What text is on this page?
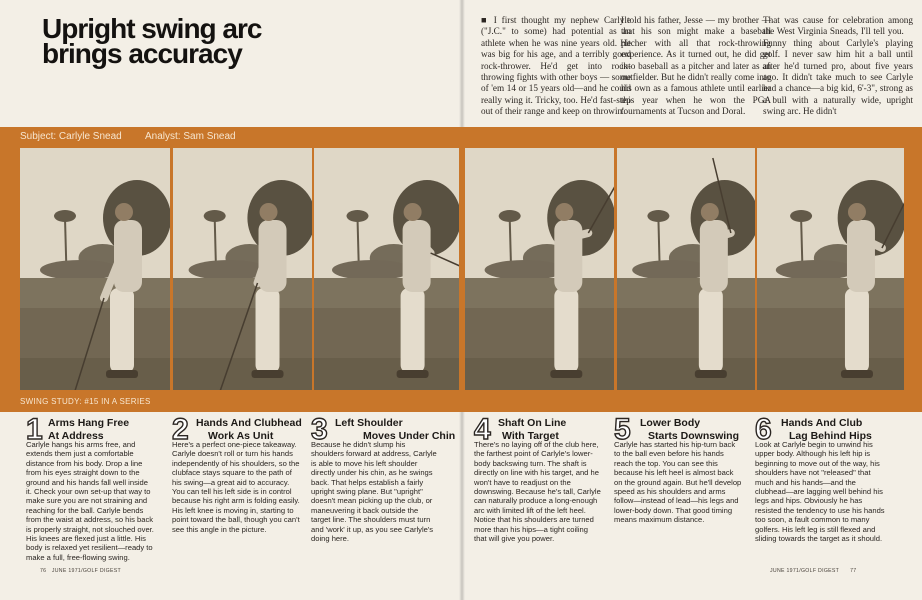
Upright swing arc
brings accuracy

■ I first thought my nephew Carlyle ("J.C." to some) had potential as an athlete when he was nine years old. He was big for his age, and a terribly good rock-thrower. He'd get into rock-throwing fights with other boys — some of 'em 14 or 15 years old—and he could really wing it. Tricky, too. He'd fast-step out of their range and keep on throwin'.

I told his father, Jesse — my brother — that his son might make a baseball pitcher with all that rock-throwing experience. As it turned out, he did get into baseball as a pitcher and later as an outfielder. But he didn't really come into his own as a famous athlete until earlier this year when he won the PGA tournaments at Tucson and Doral.

That was cause for celebration among the West Virginia Sneads, I'll tell you. Funny thing about Carlyle's playing golf. I never saw him hit a ball until after he'd turned pro, about five years ago. It didn't take much to see Carlyle had a chance—a big kid, 6'-3", strong as a bull with a naturally wide, upright swing arc. He didn't

Subject: Carlyle Snead Analyst: Sam Snead
SWING STUDY: #15 IN A SERIES
1 Arms Hang Free
At Address
Carlyle hangs his arms free, and extends them just a comfortable distance from his body. Drop a line from his eyes straight down to the ground and his hands fall well inside it. Check your own set-up that way to make sure you are not straining and reaching for the ball. Carlyle bends from the waist at address, so his back is properly straight, not slouched over. His knees are flexed just a little. His body is relaxed yet resilient—ready to make a full, free-flowing swing.
2 Hands And Clubhead
Work As Unit
Here's a perfect one-piece takeaway. Carlyle doesn't roll or turn his hands independently of his shoulders, so the clubface stays square to the path of his swing—a great aid to accuracy. You can tell his left side is in control because his right arm is folding easily. His left knee is moving in, starting to point toward the ball, though you can't see this angle in the picture.
3 Left Shoulder
Moves Under Chin
Because he didn't slump his shoulders forward at address, Carlyle is able to move his left shoulder directly under his chin, as he swings back. That helps establish a fairly upright swing plane. But "upright" doesn't mean picking up the club, or maneuvering it back outside the target line. The shoulders must turn and 'work' it up, as you see Carlyle's doing here.
4 Shaft On Line
With Target
There's no laying off of the club here, the farthest point of Carlyle's lower-body backswing turn. The shaft is directly on line with his target, and he won't have to readjust on the downswing. Because he's tall, Carlyle can naturally produce a long-enough arc with limited lift of the left heel. Notice that his shoulders are turned more than his hips—a tight coiling that will give you power.
5 Lower Body
Starts Downswing
Carlyle has started his hip-turn back to the ball even before his hands reach the top. You can see this because his left heel is almost back on the ground again. But he'll develop speed as his shoulders and arms follow—instead of lead—his legs and lower-body down. That good timing means maximum distance.
6 Hands And Club
Lag Behind Hips
Look at Carlyle begin to unwind his upper body. Although his left hip is beginning to move out of the way, his shoulders have not "released" that much and his hands—and the clubhead—are lagging well behind his legs and hips. Obviously he has resisted the tendency to use his hands too soon, a fault common to many golfers. His left leg is still flexed and sliding towards the target as it should.
76 JUNE 1971/GOLF DIGEST	JUNE 1971/GOLF DIGEST  77
